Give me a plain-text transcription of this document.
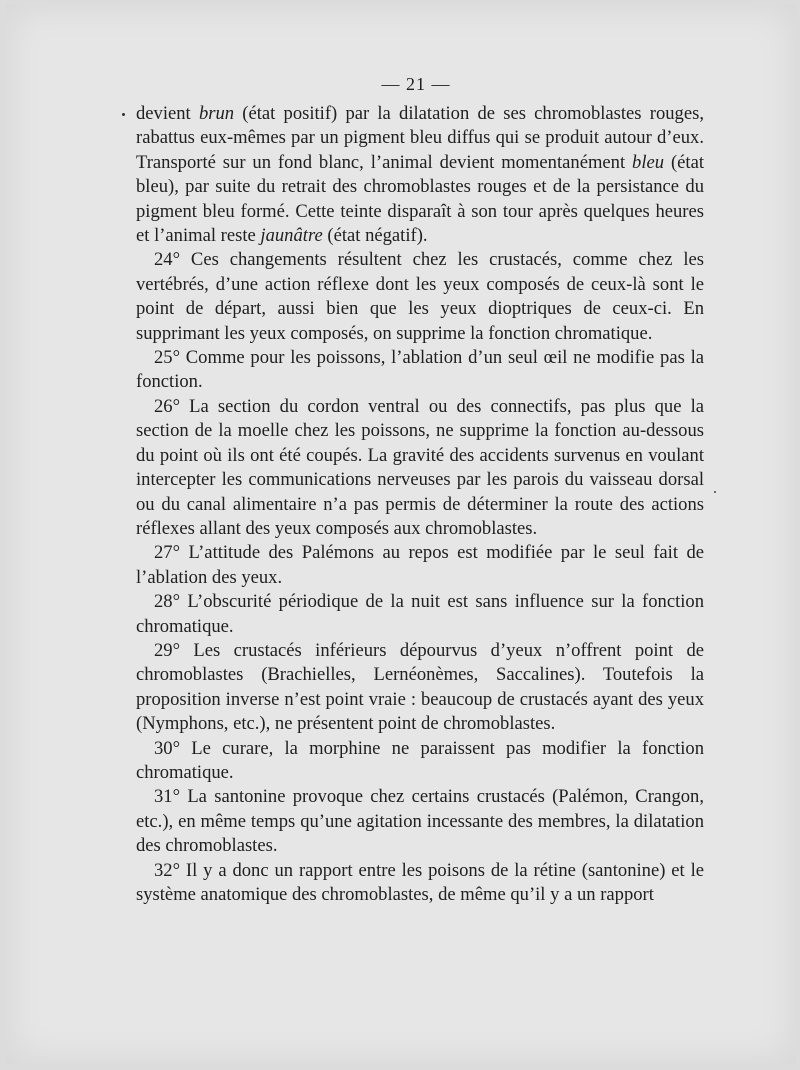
— 21 —

devient brun (état positif) par la dilatation de ses chromoblastes rouges, rabattus eux-mêmes par un pigment bleu diffus qui se produit autour d’eux. Transporté sur un fond blanc, l’animal devient momentanément bleu (état bleu), par suite du retrait des chromoblastes rouges et de la persistance du pigment bleu formé. Cette teinte disparaît à son tour après quelques heures et l’animal reste jaunâtre (état négatif).

24° Ces changements résultent chez les crustacés, comme chez les vertébrés, d’une action réflexe dont les yeux composés de ceux-là sont le point de départ, aussi bien que les yeux dioptriques de ceux-ci. En supprimant les yeux composés, on supprime la fonction chromatique.

25° Comme pour les poissons, l’ablation d’un seul œil ne modifie pas la fonction.

26° La section du cordon ventral ou des connectifs, pas plus que la section de la moelle chez les poissons, ne supprime la fonction au-dessous du point où ils ont été coupés. La gravité des accidents survenus en voulant intercepter les communications nerveuses par les parois du vaisseau dorsal ou du canal alimentaire n’a pas permis de déterminer la route des actions réflexes allant des yeux composés aux chromoblastes.

27° L’attitude des Palémons au repos est modifiée par le seul fait de l’ablation des yeux.

28° L’obscurité périodique de la nuit est sans influence sur la fonction chromatique.

29° Les crustacés inférieurs dépourvus d’yeux n’offrent point de chromoblastes (Brachielles, Lernéonèmes, Saccalines). Toutefois la proposition inverse n’est point vraie : beaucoup de crustacés ayant des yeux (Nymphons, etc.), ne présentent point de chromoblastes.

30° Le curare, la morphine ne paraissent pas modifier la fonction chromatique.

31° La santonine provoque chez certains crustacés (Palémon, Crangon, etc.), en même temps qu’une agitation incessante des membres, la dilatation des chromoblastes.

32° Il y a donc un rapport entre les poisons de la rétine (santonine) et le système anatomique des chromoblastes, de même qu’il y a un rapport
